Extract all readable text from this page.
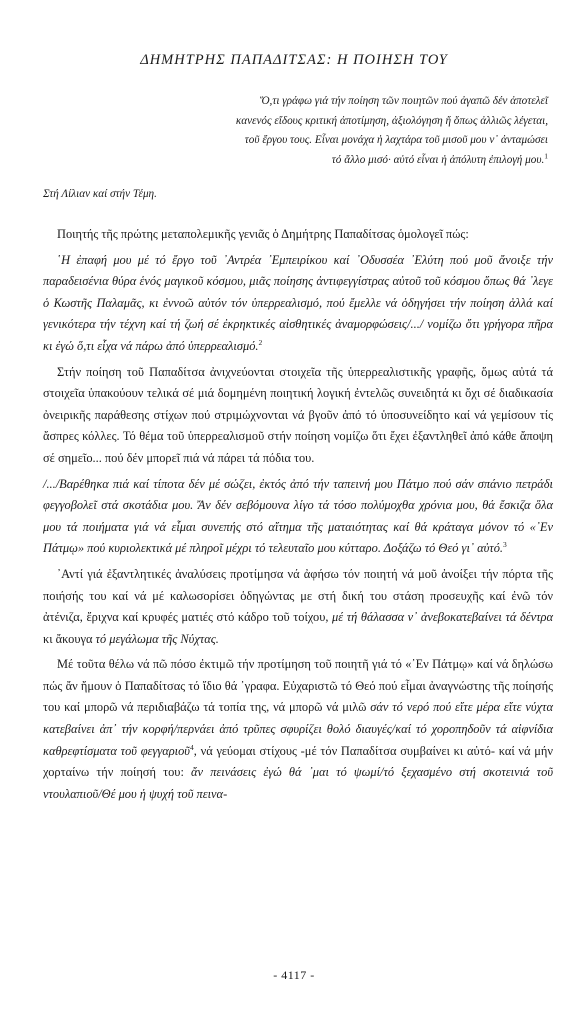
ΔΗΜΗΤΡΗΣ ΠΑΠΑΔΙΤΣΑΣ: Η ΠΟΙΗΣΗ ΤΟΥ
Ὅ,τι γράφω γιά τήν ποίηση τῶν ποιητῶν πού ἀγαπῶ δέν ἀποτελεῖ
κανενός εἴδους κριτική ἀποτίμηση, ἀξιολόγηση ἤ ὅπως ἀλλιῶς λέγεται,
τοῦ ἔργου τους. Εἶναι μονάχα ἡ λαχτάρα τοῦ μισοῦ μου ν᾽ ἀνταμώσει
τό ἄλλο μισό· αὐτό εἶναι ἡ ἀπόλυτη ἐπιλογή μου.$^1$
Στή Λίλιαν καί στήν Τέμη.

Ποιητής τῆς πρώτης μεταπολεμικῆς γενιᾶς ὁ Δημήτρης Παπαδίτσας ὁμολογεῖ πώς:

῾Η ἐπαφή μου μέ τό ἔργο τοῦ ᾽Αντρέα ᾽Εμπειρίκου καί ᾽Οδυσσέα ᾽Ελύτη πού μοῦ ἄνοιξε τήν παραδεισένια θύρα ἑνός μαγικοῦ κόσμου, μιᾶς ποίησης ἀντιφεγγίστρας αὐτοῦ τοῦ κόσμου ὅπως θά ᾽λεγε ὁ Κωστῆς Παλαμᾶς, κι ἐννοῶ αὐτόν τόν ὑπερρεαλισμό, πού ἔμελλε νά ὁδηγήσει τήν ποίηση ἀλλά καί γενικότερα τήν τέχνη καί τή ζωή σέ ἐκρηκτικές αἰσθητικές ἀναμορφώσεις/.../ νομίζω ὅτι γρήγορα πῆρα κι ἐγώ ὅ,τι εἶχα νά πάρω ἀπό ὑπερρεαλισμό.$^2$

Στήν ποίηση τοῦ Παπαδίτσα ἀνιχνεύονται στοιχεῖα τῆς ὑπερρεαλιστικῆς γραφῆς, ὅμως αὐτά τά στοιχεῖα ὑπακούουν τελικά σέ μιά δομημένη ποιητική λογική ἐντελῶς συνειδητά κι ὄχι σέ διαδικασία ὀνειρικῆς παράθεσης στίχων πού στριμώχνονται νά βγοῦν ἀπό τό ὑποσυνείδητο καί νά γεμίσουν τίς ἄσπρες κόλλες. Τό θέμα τοῦ ὑπερρεαλισμοῦ στήν ποίηση νομίζω ὅτι ἔχει ἐξαντληθεῖ ἀπό κάθε ἄποψη σέ σημεῖο... πού δέν μπορεῖ πιά νά πάρει τά πόδια του.

/.../Βαρέθηκα πιά καί τίποτα δέν μέ σώζει, ἐκτός ἀπό τήν ταπεινή μου Πάτμο πού σάν σπάνιο πετράδι φεγγοβολεῖ στά σκοτάδια μου. Ἄν δέν σεβόμουνα λίγο τά τόσο πολύμοχθα χρόνια μου, θά ἔσκιζα ὅλα μου τά ποιήματα γιά νά εἶμαι συνεπής στό αἴτημα τῆς ματαιότητας καί θά κράταγα μόνον τό «᾽Εν Πάτμῳ» πού κυριολεκτικά μέ πληροῖ μέχρι τό τελευταῖο μου κύτταρο. Δοξάζω τό Θεό γι᾽ αὐτό.$^3$

᾽Αντί γιά ἐξαντλητικές ἀναλύσεις προτίμησα νά ἀφήσω τόν ποιητή νά μοῦ ἀνοίξει τήν πόρτα τῆς ποιήσής του καί νά μέ καλωσορίσει ὁδηγώντας με στή δική του στάση προσευχῆς καί ἐνῶ τόν ἀτένιζα, ἔριχνα καί κρυφές ματιές στό κάδρο τοῦ τοίχου, μέ τή θάλασσα ν᾽ ἀνεβοκατεβαίνει τά δέντρα κι ἄκουγα τό μεγάλωμα τῆς Νύχτας.

Μέ τοῦτα θέλω νά πῶ πόσο ἐκτιμῶ τήν προτίμηση τοῦ ποιητῆ γιά τό «᾽Εν Πάτμῳ» καί νά δηλώσω πώς ἄν ἤμουν ὁ Παπαδίτσας τό ἴδιο θά ᾽γραφα. Εὐχαριστῶ τό Θεό πού εἶμαι ἀναγνώστης τῆς ποίησής του καί μπορῶ νά περιδιαβάζω τά τοπία της, νά μπορῶ νά μιλῶ σάν τό νερό πού εἴτε μέρα εἴτε νύχτα κατεβαίνει ἀπ᾽ τήν κορφή/περνάει ἀπό τρῦπες σφυρίζει θολό διαυγές/καί τό χοροπηδοῦν τά αἰφνίδια καθρεφτίσματα τοῦ φεγγαριοῦ$^4$, νά γεύομαι στίχους -μέ τόν Παπαδίτσα συμβαίνει κι αὐτό- καί νά μήν χορταίνω τήν ποίησή του: ἄν πεινάσεις ἐγώ θά ᾽μαι τό ψωμί/τό ξεχασμένο στή σκοτεινιά τοῦ ντουλαπιοῦ/Θέ μου ἡ ψυχή τοῦ πεινα-

- 4117 -
